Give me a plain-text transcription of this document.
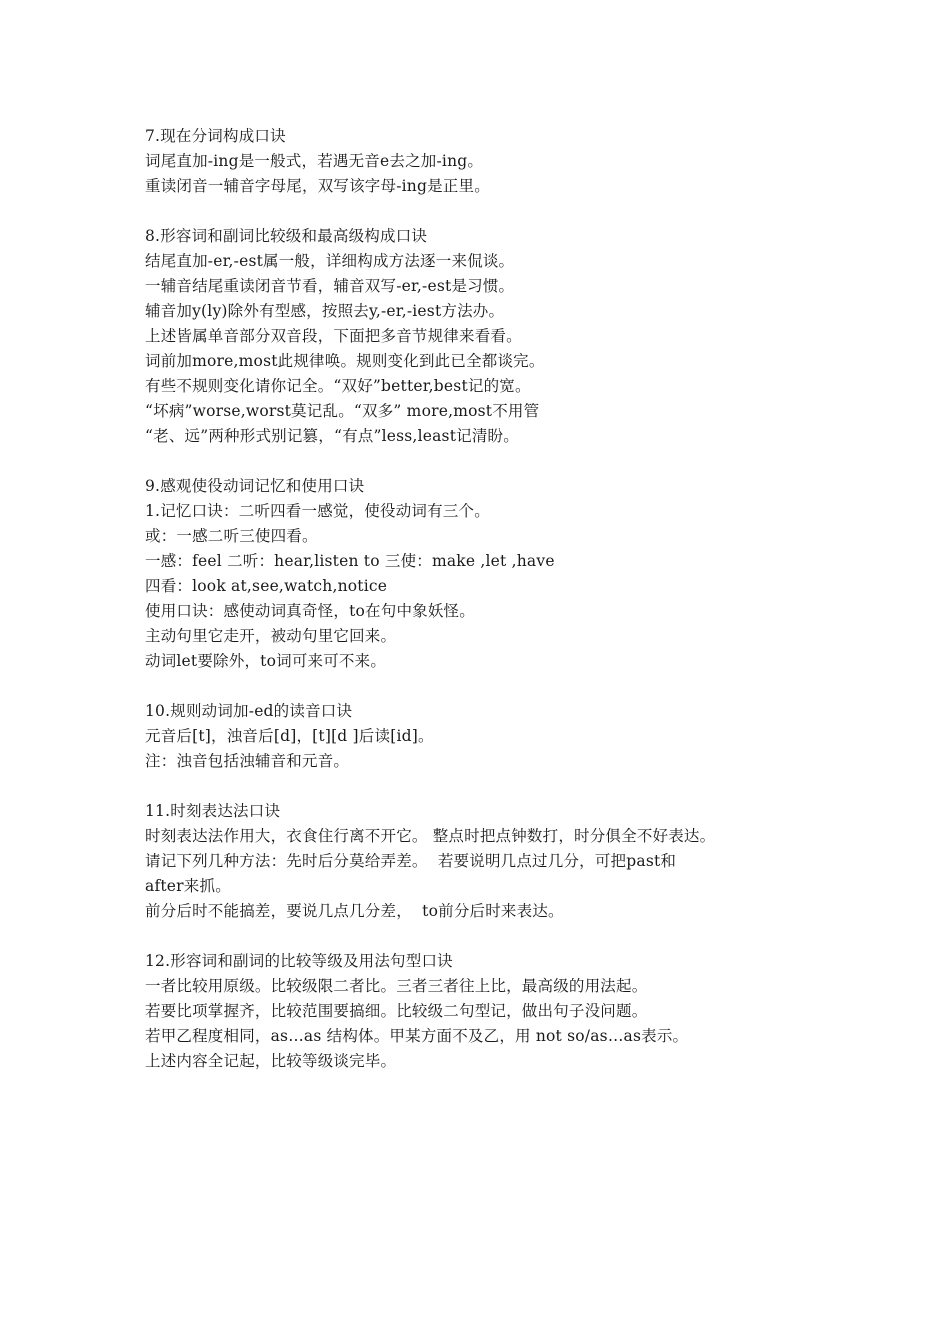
7.现在分词构成口诀
词尾直加-ing是一般式，若遇无音e去之加-ing。
重读闭音一辅音字母尾，双写该字母-ing是正里。
8.形容词和副词比较级和最高级构成口诀
结尾直加-er,-est属一般，详细构成方法逐一来侃谈。
一辅音结尾重读闭音节看，辅音双写-er,-est是习惯。
辅音加y(ly)除外有型感，按照去y,-er,-iest方法办。
上述皆属单音部分双音段，下面把多音节规律来看看。
词前加more,most此规律唤。规则变化到此已全都谈完。
有些不规则变化请你记全。“双好”better,best记的宽。
“坏病”worse,worst莫记乱。“双多” more,most不用管
“老、远”两种形式别记篡，“有点”less,least记清盼。
9.感观使役动词记忆和使用口诀
1.记忆口诀：二听四看一感觉，使役动词有三个。
或：一感二听三使四看。
一感：feel 二听：hear,listen to 三使：make ,let ,have
四看：look at,see,watch,notice
使用口诀：感使动词真奇怪，to在句中象妖怪。
主动句里它走开，被动句里它回来。
动词let要除外，to词可来可不来。
10.规则动词加-ed的读音口诀
元音后[t]，浊音后[d]，[t][d ]后读[id]。
注：浊音包括浊辅音和元音。
11.时刻表达法口诀
时刻表达法作用大，衣食住行离不开它。 整点时把点钟数打，时分俱全不好表达。
请记下列几种方法：先时后分莫给弄差。  若要说明几点过几分，可把past和
after来抓。
前分后时不能搞差，要说几点几分差，  to前分后时来表达。
12.形容词和副词的比较等级及用法句型口诀
一者比较用原级。比较级限二者比。三者三者往上比，最高级的用法起。
若要比项掌握齐，比较范围要搞细。比较级二句型记，做出句子没问题。
若甲乙程度相同，as…as 结构体。甲某方面不及乙，用 not so/as…as表示。
上述内容全记起，比较等级谈完毕。
